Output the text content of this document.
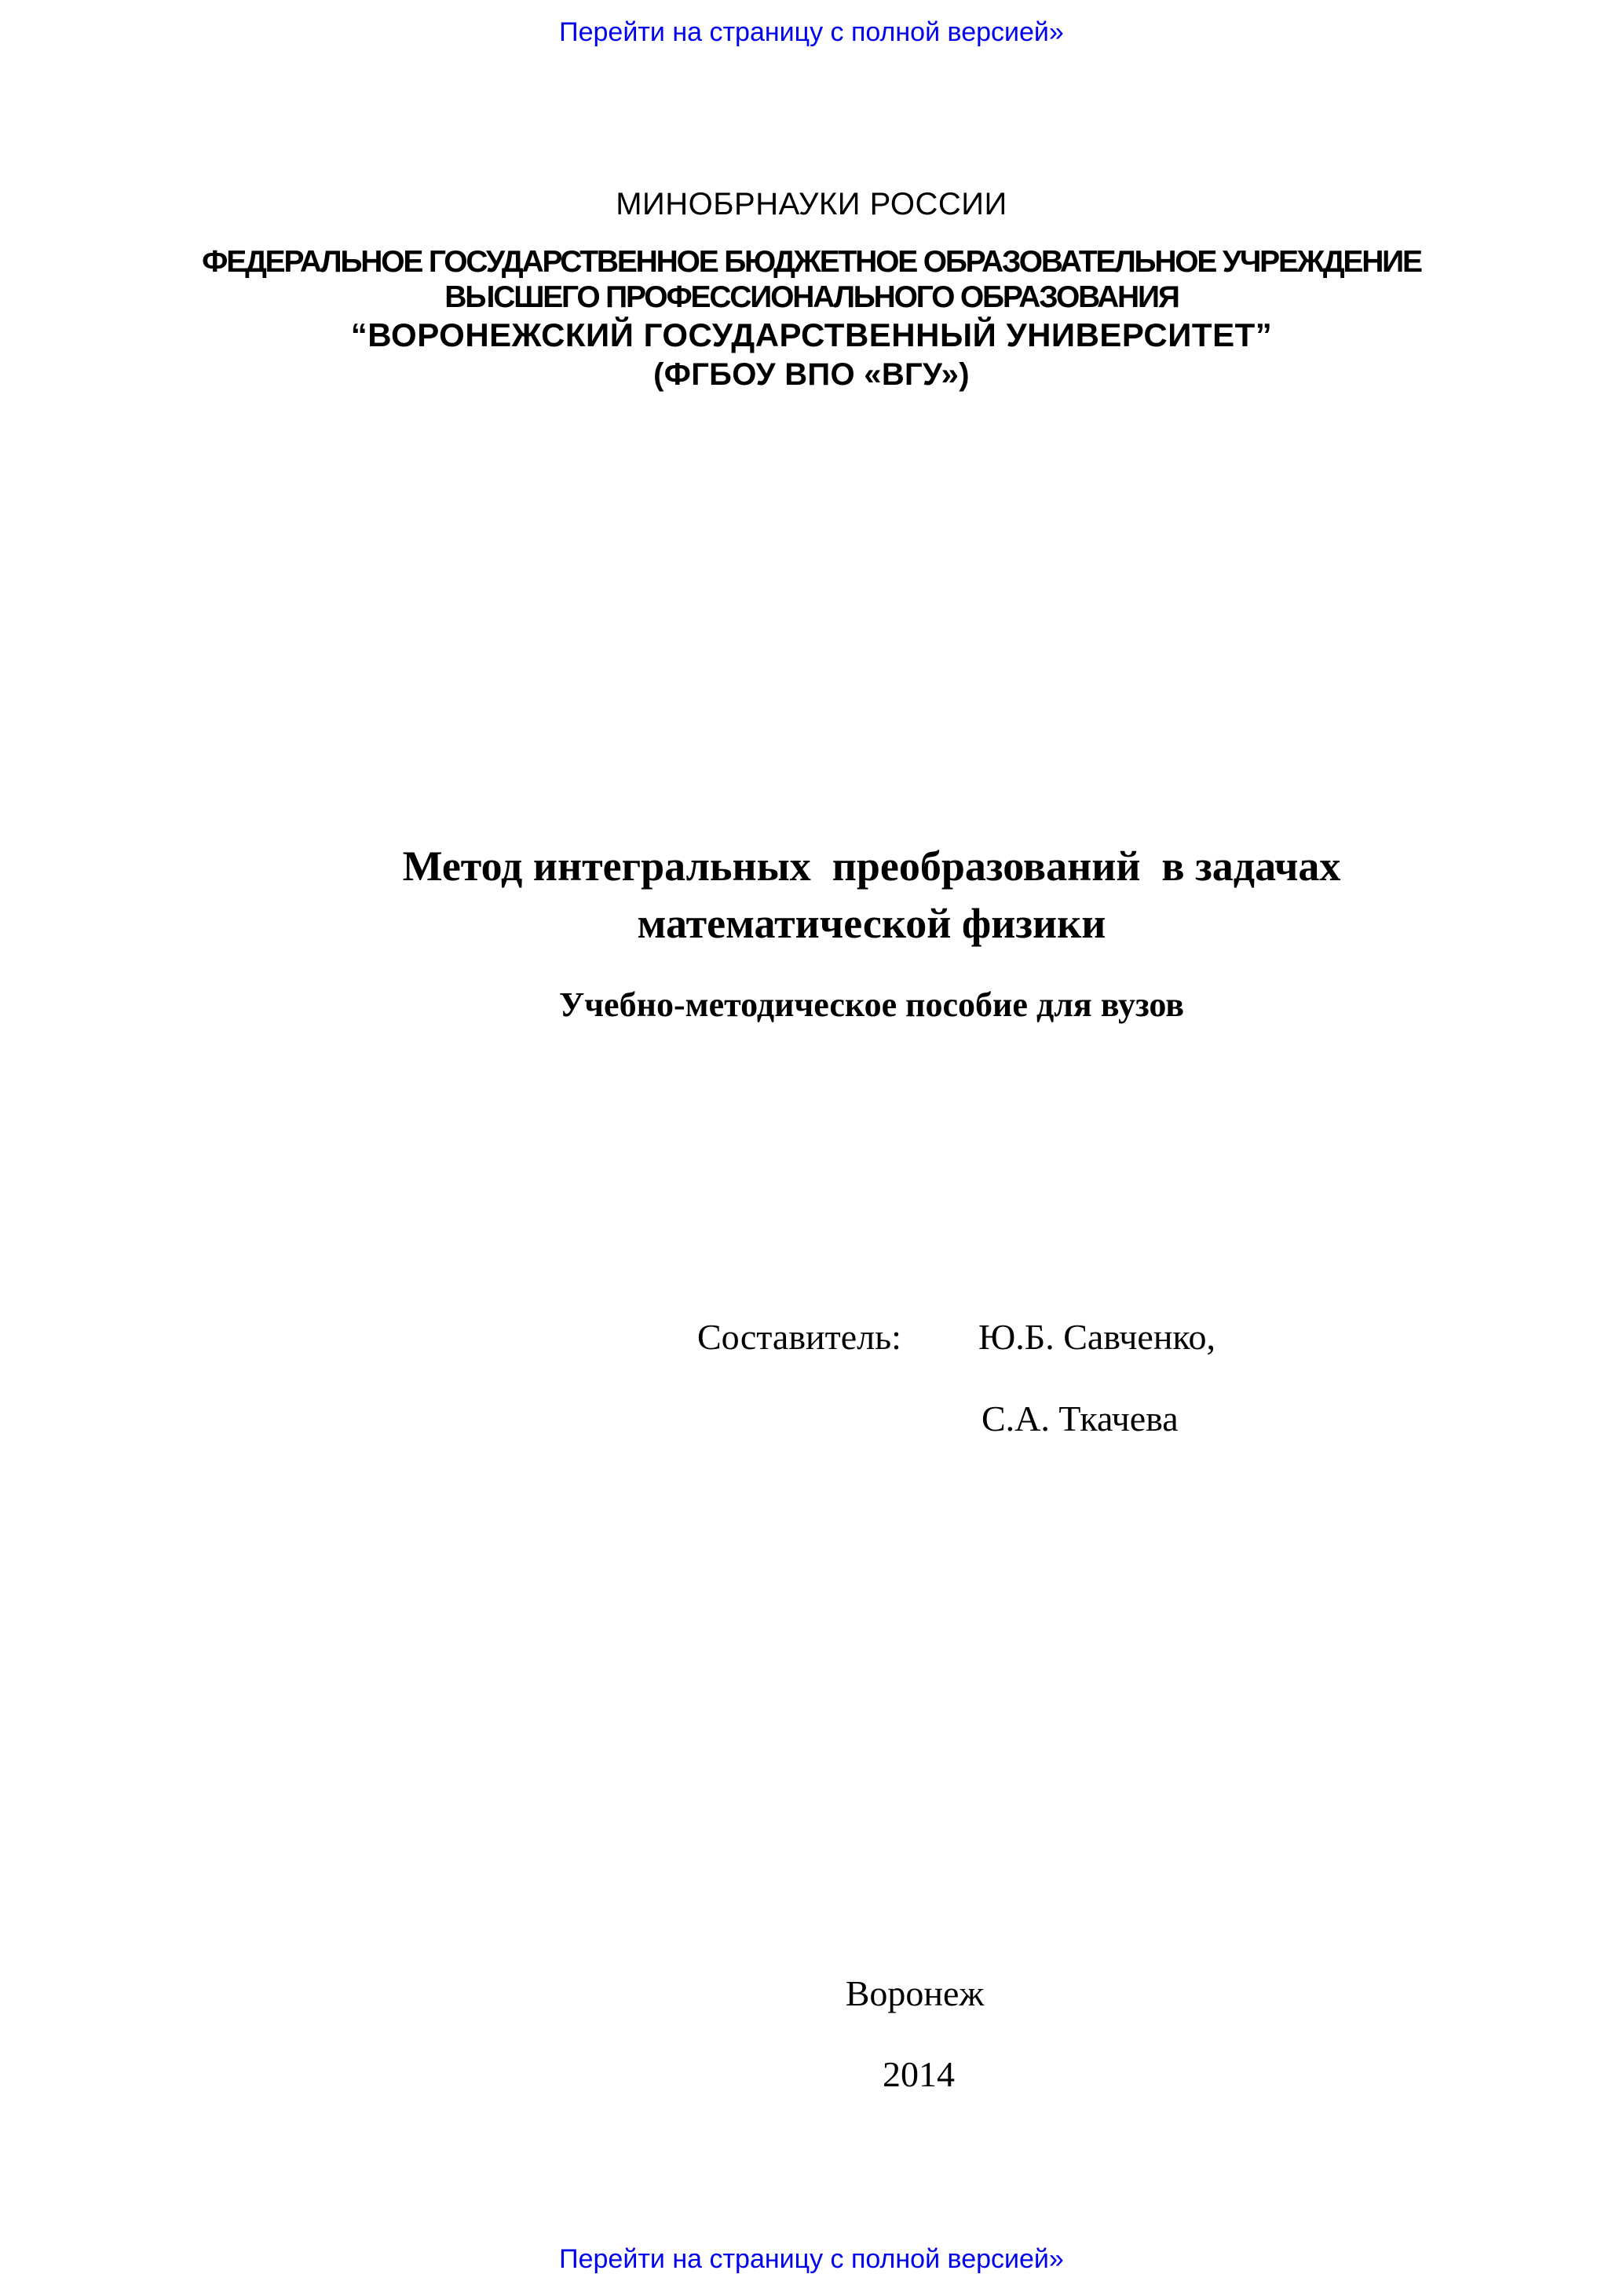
Перейти на страницу с полной версией»
МИНОБРНАУКИ РОССИИ
ФЕДЕРАЛЬНОЕ ГОСУДАРСТВЕННОЕ БЮДЖЕТНОЕ ОБРАЗОВАТЕЛЬНОЕ УЧРЕЖДЕНИЕ
ВЫСШЕГО ПРОФЕССИОНАЛЬНОГО ОБРАЗОВАНИЯ
“ВОРОНЕЖСКИЙ ГОСУДАРСТВЕННЫЙ УНИВЕРСИТЕТ”
(ФГБОУ ВПО «ВГУ»)
Метод интегральных  преобразований  в задачах
математической физики
Учебно-методическое пособие для вузов
Составитель: Ю.Б. Савченко,
С.А. Ткачева
Воронеж
2014
Перейти на страницу с полной версией»
